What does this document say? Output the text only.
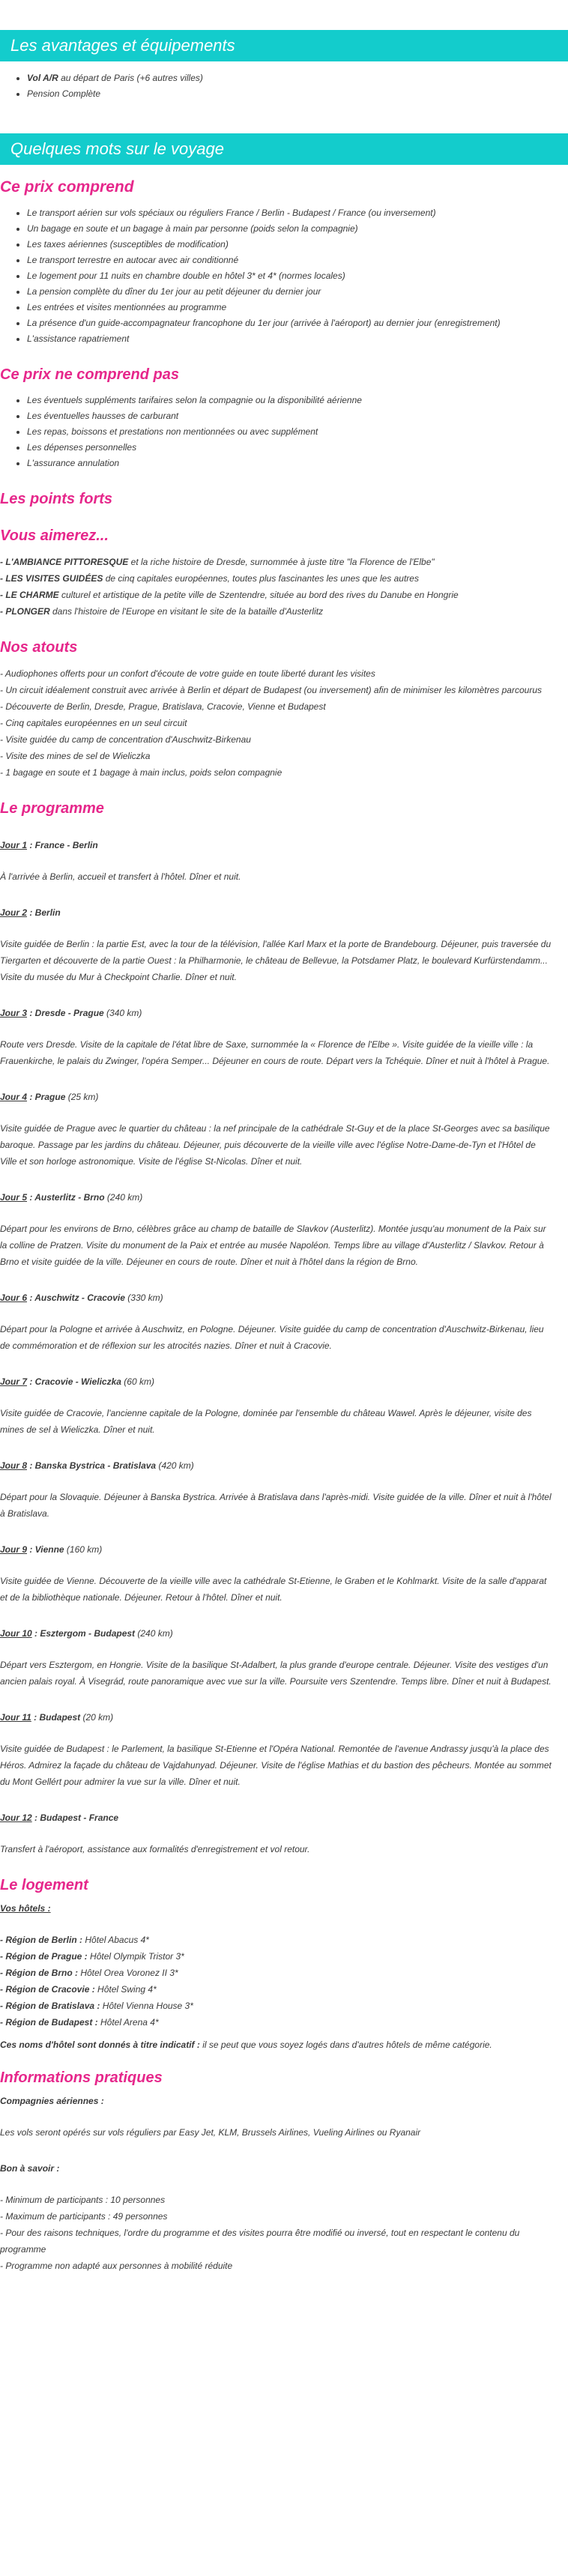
Les avantages et équipements
• Vol A/R au départ de Paris (+6 autres villes)
• Pension Complète
Quelques mots sur le voyage
Ce prix comprend
• Le transport aérien sur vols spéciaux ou réguliers France / Berlin - Budapest / France (ou inversement)
• Un bagage en soute et un bagage à main par personne (poids selon la compagnie)
• Les taxes aériennes (susceptibles de modification)
• Le transport terrestre en autocar avec air conditionné
• Le logement pour 11 nuits en chambre double en hôtel 3* et 4* (normes locales)
• La pension complète du dîner du 1er jour au petit déjeuner du dernier jour
• Les entrées et visites mentionnées au programme
• La présence d'un guide-accompagnateur francophone du 1er jour (arrivée à l'aéroport) au dernier jour (enregistrement)
• L'assistance rapatriement
Ce prix ne comprend pas
• Les éventuels suppléments tarifaires selon la compagnie ou la disponibilité aérienne
• Les éventuelles hausses de carburant
• Les repas, boissons et prestations non mentionnées ou avec supplément
• Les dépenses personnelles
• L'assurance annulation
Les points forts
Vous aimerez...
- L'AMBIANCE PITTORESQUE et la riche histoire de Dresde, surnommée à juste titre "la Florence de l'Elbe"
- LES VISITES GUIDÉES de cinq capitales européennes, toutes plus fascinantes les unes que les autres
- LE CHARME culturel et artistique de la petite ville de Szentendre, située au bord des rives du Danube en Hongrie
- PLONGER dans l'histoire de l'Europe en visitant le site de la bataille d'Austerlitz
Nos atouts
- Audiophones offerts pour un confort d'écoute de votre guide en toute liberté durant les visites
- Un circuit idéalement construit avec arrivée à Berlin et départ de Budapest (ou inversement) afin de minimiser les kilomètres parcourus
- Découverte de Berlin, Dresde, Prague, Bratislava, Cracovie, Vienne et Budapest
- Cinq capitales européennes en un seul circuit
- Visite guidée du camp de concentration d'Auschwitz-Birkenau
- Visite des mines de sel de Wieliczka
- 1 bagage en soute et 1 bagage à main inclus, poids selon compagnie
Le programme
Jour 1 : France - Berlin
À l'arrivée à Berlin, accueil et transfert à l'hôtel. Dîner et nuit.
Jour 2 : Berlin
Visite guidée de Berlin : la partie Est, avec la tour de la télévision, l'allée Karl Marx et la porte de Brandebourg. Déjeuner, puis traversée du Tiergarten et découverte de la partie Ouest : la Philharmonie, le château de Bellevue, la Potsdamer Platz, le boulevard Kurfürstendamm... Visite du musée du Mur à Checkpoint Charlie. Dîner et nuit.
Jour 3 : Dresde - Prague (340 km)
Route vers Dresde. Visite de la capitale de l'état libre de Saxe, surnommée la « Florence de l'Elbe ». Visite guidée de la vieille ville : la Frauenkirche, le palais du Zwinger, l'opéra Semper... Déjeuner en cours de route. Départ vers la Tchéquie. Dîner et nuit à l'hôtel à Prague.
Jour 4 : Prague (25 km)
Visite guidée de Prague avec le quartier du château : la nef principale de la cathédrale St-Guy et de la place St-Georges avec sa basilique baroque. Passage par les jardins du château. Déjeuner, puis découverte de la vieille ville avec l'église Notre-Dame-de-Tyn et l'Hôtel de Ville et son horloge astronomique. Visite de l'église St-Nicolas. Dîner et nuit.
Jour 5 : Austerlitz - Brno (240 km)
Départ pour les environs de Brno, célèbres grâce au champ de bataille de Slavkov (Austerlitz). Montée jusqu'au monument de la Paix sur la colline de Pratzen. Visite du monument de la Paix et entrée au musée Napoléon. Temps libre au village d'Austerlitz / Slavkov. Retour à Brno et visite guidée de la ville. Déjeuner en cours de route. Dîner et nuit à l'hôtel dans la région de Brno.
Jour 6 : Auschwitz - Cracovie (330 km)
Départ pour la Pologne et arrivée à Auschwitz, en Pologne. Déjeuner. Visite guidée du camp de concentration d'Auschwitz-Birkenau, lieu de commémoration et de réflexion sur les atrocités nazies. Dîner et nuit à Cracovie.
Jour 7 : Cracovie - Wieliczka (60 km)
Visite guidée de Cracovie, l'ancienne capitale de la Pologne, dominée par l'ensemble du château Wawel. Après le déjeuner, visite des mines de sel à Wieliczka. Dîner et nuit.
Jour 8 : Banska Bystrica - Bratislava (420 km)
Départ pour la Slovaquie. Déjeuner à Banska Bystrica. Arrivée à Bratislava dans l'après-midi. Visite guidée de la ville. Dîner et nuit à l'hôtel à Bratislava.
Jour 9 : Vienne (160 km)
Visite guidée de Vienne. Découverte de la vieille ville avec la cathédrale St-Etienne, le Graben et le Kohlmarkt. Visite de la salle d'apparat et de la bibliothèque nationale. Déjeuner. Retour à l'hôtel. Dîner et nuit.
Jour 10 : Esztergom - Budapest (240 km)
Départ vers Esztergom, en Hongrie. Visite de la basilique St-Adalbert, la plus grande d'europe centrale. Déjeuner. Visite des vestiges d'un ancien palais royal. À Visegrád, route panoramique avec vue sur la ville. Poursuite vers Szentendre. Temps libre. Dîner et nuit à Budapest.
Jour 11 : Budapest (20 km)
Visite guidée de Budapest : le Parlement, la basilique St-Etienne et l'Opéra National. Remontée de l'avenue Andrassy jusqu'à la place des Héros. Admirez la façade du château de Vajdahunyad. Déjeuner. Visite de l'église Mathias et du bastion des pêcheurs. Montée au sommet du Mont Gellért pour admirer la vue sur la ville. Dîner et nuit.
Jour 12 : Budapest - France
Transfert à l'aéroport, assistance aux formalités d'enregistrement et vol retour.
Le logement
Vos hôtels :
- Région de Berlin : Hôtel Abacus 4*
- Région de Prague : Hôtel Olympik Tristor 3*
- Région de Brno : Hôtel Orea Voronez II 3*
- Région de Cracovie : Hôtel Swing 4*
- Région de Bratislava : Hôtel Vienna House 3*
- Région de Budapest : Hôtel Arena 4*
Ces noms d'hôtel sont donnés à titre indicatif : il se peut que vous soyez logés dans d'autres hôtels de même catégorie.
Informations pratiques
Compagnies aériennes :
Les vols seront opérés sur vols réguliers par Easy Jet, KLM, Brussels Airlines, Vueling Airlines ou Ryanair
Bon à savoir :
- Minimum de participants : 10 personnes
- Maximum de participants : 49 personnes
- Pour des raisons techniques, l'ordre du programme et des visites pourra être modifié ou inversé, tout en respectant le contenu du programme
- Programme non adapté aux personnes à mobilité réduite
